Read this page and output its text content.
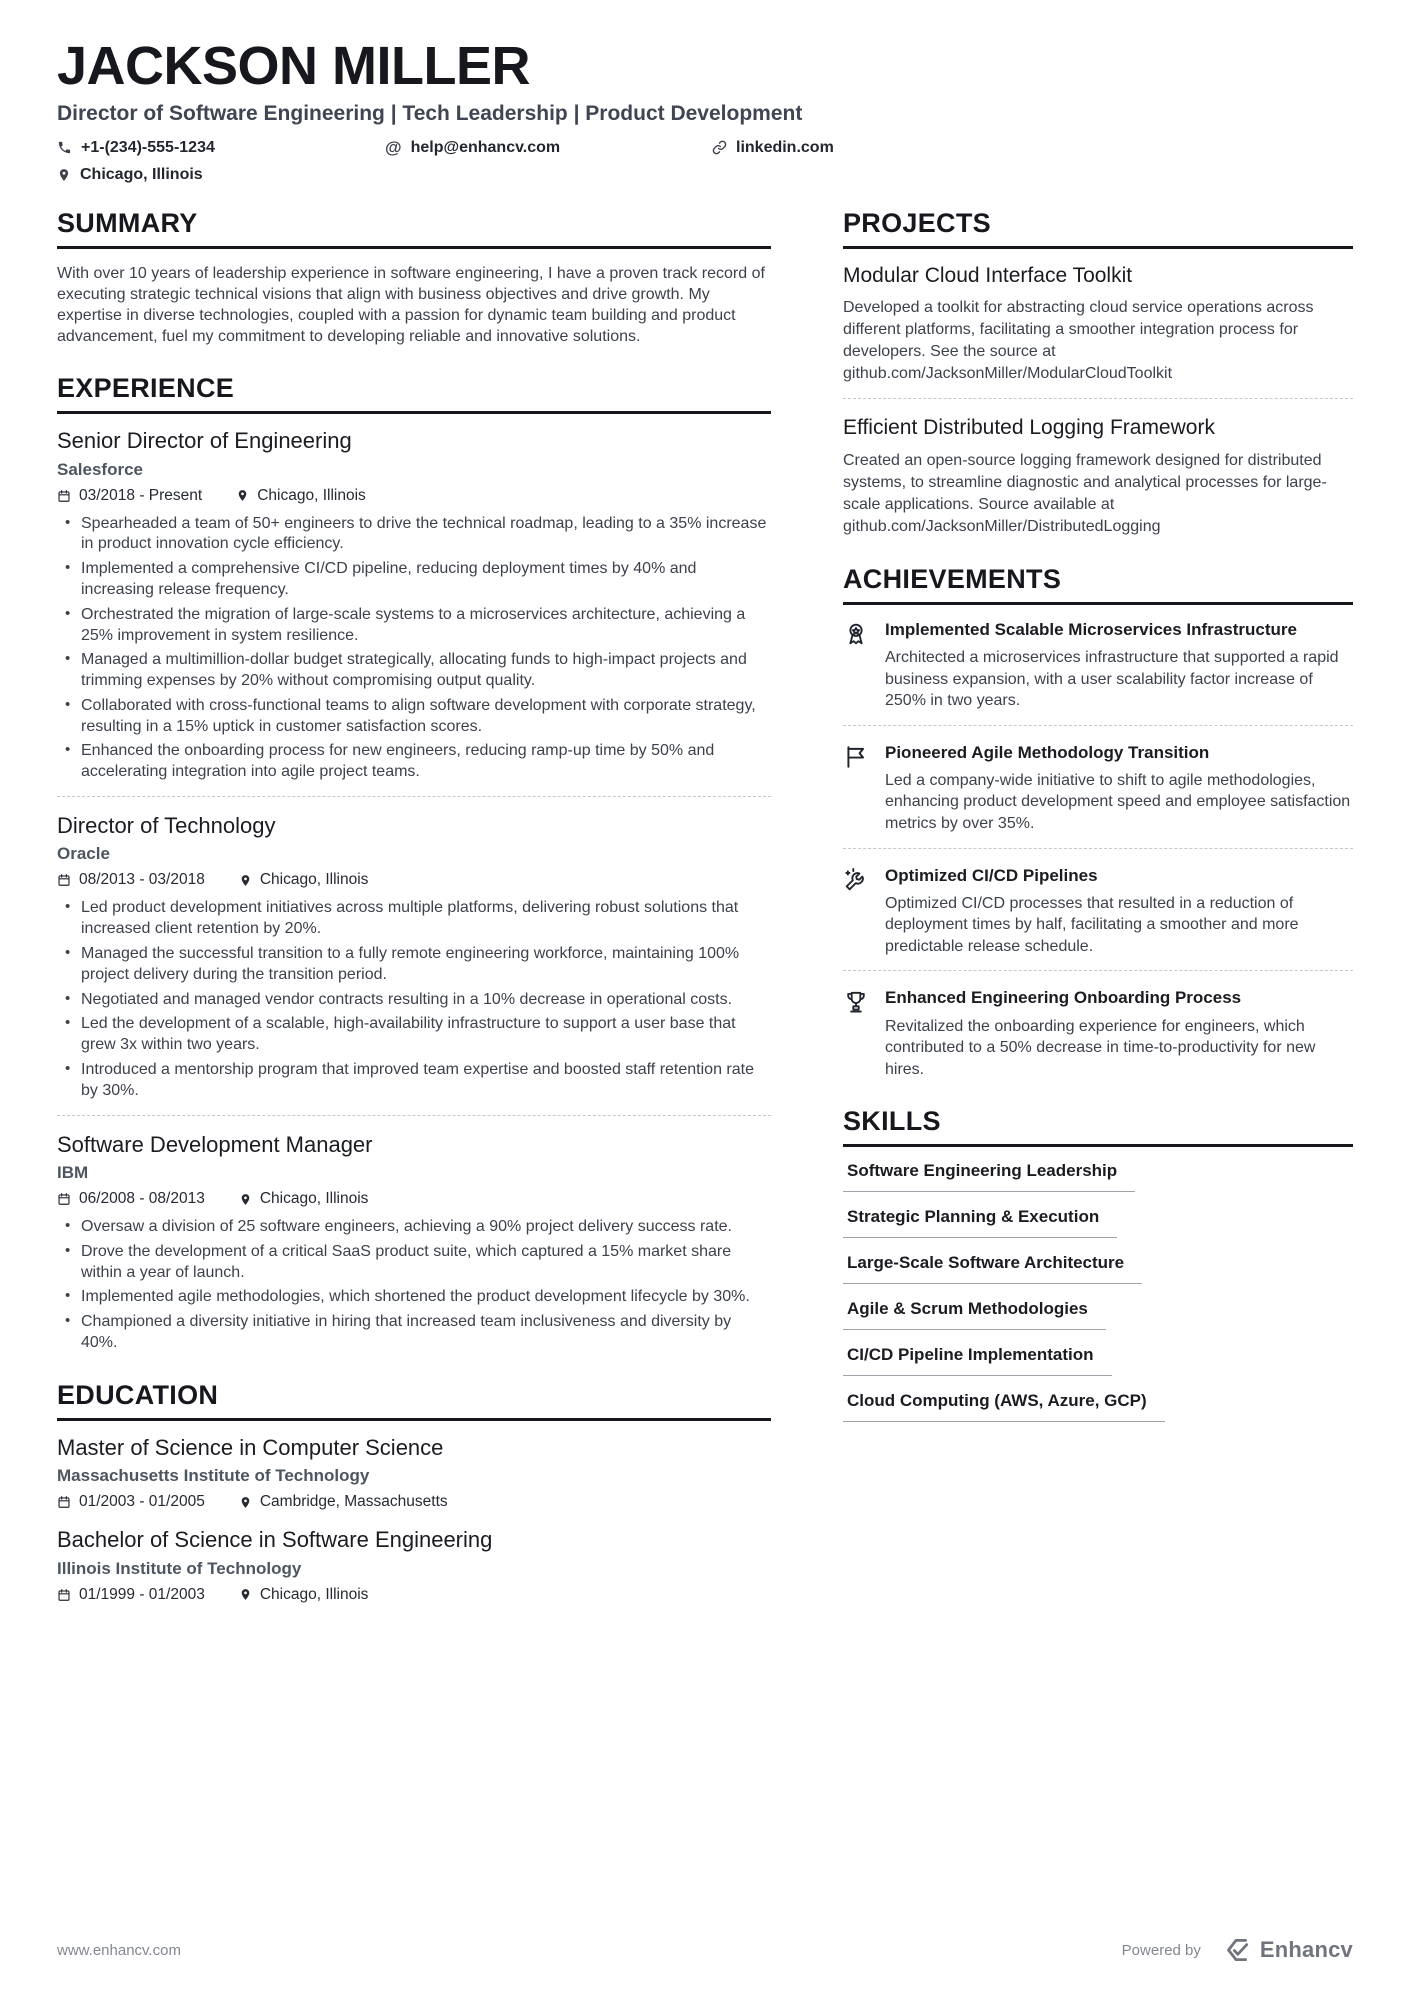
JACKSON MILLER
Director of Software Engineering | Tech Leadership | Product Development
+1-(234)-555-1234	@ help@enhancv.com	linkedin.com
Chicago, Illinois
SUMMARY

With over 10 years of leadership experience in software engineering, I have a proven track record of executing strategic technical visions that align with business objectives and drive growth. My expertise in diverse technologies, coupled with a passion for dynamic team building and product advancement, fuel my commitment to developing reliable and innovative solutions.

EXPERIENCE
Senior Director of Engineering
Salesforce
03/2018 - Present	Chicago, Illinois
• Spearheaded a team of 50+ engineers to drive the technical roadmap, leading to a 35% increase in product innovation cycle efficiency.
• Implemented a comprehensive CI/CD pipeline, reducing deployment times by 40% and increasing release frequency.
• Orchestrated the migration of large-scale systems to a microservices architecture, achieving a 25% improvement in system resilience.
• Managed a multimillion-dollar budget strategically, allocating funds to high-impact projects and trimming expenses by 20% without compromising output quality.
• Collaborated with cross-functional teams to align software development with corporate strategy, resulting in a 15% uptick in customer satisfaction scores.
• Enhanced the onboarding process for new engineers, reducing ramp-up time by 50% and accelerating integration into agile project teams.
Director of Technology
Oracle
08/2013 - 03/2018	Chicago, Illinois
• Led product development initiatives across multiple platforms, delivering robust solutions that increased client retention by 20%.
• Managed the successful transition to a fully remote engineering workforce, maintaining 100% project delivery during the transition period.
• Negotiated and managed vendor contracts resulting in a 10% decrease in operational costs.
• Led the development of a scalable, high-availability infrastructure to support a user base that grew 3x within two years.
• Introduced a mentorship program that improved team expertise and boosted staff retention rate by 30%.
Software Development Manager
IBM
06/2008 - 08/2013	Chicago, Illinois
• Oversaw a division of 25 software engineers, achieving a 90% project delivery success rate.
• Drove the development of a critical SaaS product suite, which captured a 15% market share within a year of launch.
• Implemented agile methodologies, which shortened the product development lifecycle by 30%.
• Championed a diversity initiative in hiring that increased team inclusiveness and diversity by 40%.
EDUCATION
Master of Science in Computer Science
Massachusetts Institute of Technology
01/2003 - 01/2005	Cambridge, Massachusetts
Bachelor of Science in Software Engineering
Illinois Institute of Technology
01/1999 - 01/2003	Chicago, Illinois
PROJECTS
Modular Cloud Interface Toolkit

Developed a toolkit for abstracting cloud service operations across different platforms, facilitating a smoother integration process for developers. See the source at github.com/JacksonMiller/ModularCloudToolkit

Efficient Distributed Logging Framework

Created an open-source logging framework designed for distributed systems, to streamline diagnostic and analytical processes for large-scale applications. Source available at github.com/JacksonMiller/DistributedLogging

ACHIEVEMENTS
Implemented Scalable Microservices Infrastructure

Architected a microservices infrastructure that supported a rapid business expansion, with a user scalability factor increase of 250% in two years.

Pioneered Agile Methodology Transition

Led a company-wide initiative to shift to agile methodologies, enhancing product development speed and employee satisfaction metrics by over 35%.

Optimized CI/CD Pipelines

Optimized CI/CD processes that resulted in a reduction of deployment times by half, facilitating a smoother and more predictable release schedule.

Enhanced Engineering Onboarding Process

Revitalized the onboarding experience for engineers, which contributed to a 50% decrease in time-to-productivity for new hires.

SKILLS
Software Engineering Leadership
Strategic Planning & Execution
Large-Scale Software Architecture
Agile & Scrum Methodologies
CI/CD Pipeline Implementation
Cloud Computing (AWS, Azure, GCP)
www.enhancv.com	Powered by	Enhancv
